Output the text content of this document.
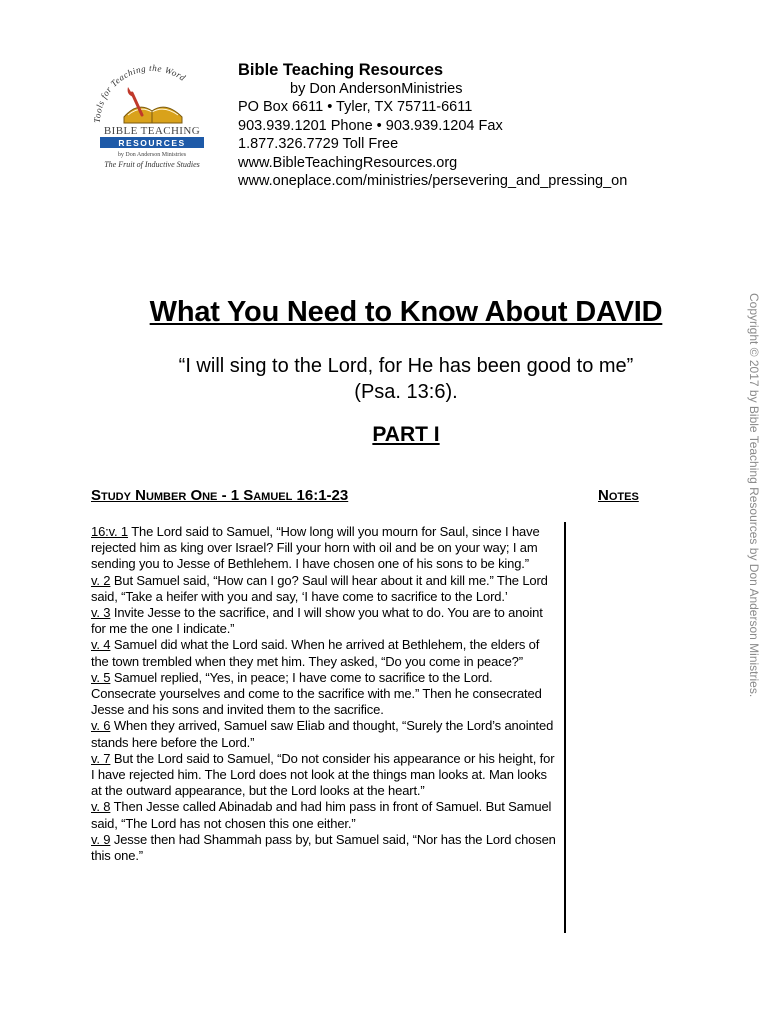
Tools for Teaching the Word
BIBLE TEACHING
RESOURCES
by Don Anderson Ministries
The Fruit of Inductive Studies
Bible Teaching Resources
by Don AndersonMinistries
PO Box 6611 • Tyler, TX 75711-6611
903.939.1201 Phone • 903.939.1204 Fax
1.877.326.7729 Toll Free
www.BibleTeachingResources.org
www.oneplace.com/ministries/persevering_and_pressing_on
What You Need to Know About DAVID
“I will sing to the Lord, for He has been good to me”
(Psa. 13:6).
PART I
Study Number One - 1 Samuel 16:1-23	Notes
16:v. 1 The Lord said to Samuel, “How long will you mourn for Saul, since I have rejected him as king over Israel? Fill your horn with oil and be on your way; I am sending you to Jesse of Bethlehem. I have chosen one of his sons to be king.”
v. 2 But Samuel said, “How can I go? Saul will hear about it and kill me.” The Lord said, “Take a heifer with you and say, ‘I have come to sacrifice to the Lord.’
v. 3 Invite Jesse to the sacrifice, and I will show you what to do. You are to anoint for me the one I indicate.”
v. 4 Samuel did what the Lord said. When he arrived at Bethlehem, the elders of the town trembled when they met him. They asked, “Do you come in peace?”
v. 5 Samuel replied, “Yes, in peace; I have come to sacrifice to the Lord. Consecrate yourselves and come to the sacrifice with me.” Then he consecrated Jesse and his sons and invited them to the sacrifice.
v. 6 When they arrived, Samuel saw Eliab and thought, “Surely the Lord’s anointed stands here before the Lord.”
v. 7 But the Lord said to Samuel, “Do not consider his appearance or his height, for I have rejected him. The Lord does not look at the things man looks at. Man looks at the outward appearance, but the Lord looks at the heart.”
v. 8 Then Jesse called Abinadab and had him pass in front of Samuel. But Samuel said, “The Lord has not chosen this one either.”
v. 9 Jesse then had Shammah pass by, but Samuel said, “Nor has the Lord chosen this one.”
Copyright © 2017 by Bible Teaching Resources by Don Anderson Ministries.
